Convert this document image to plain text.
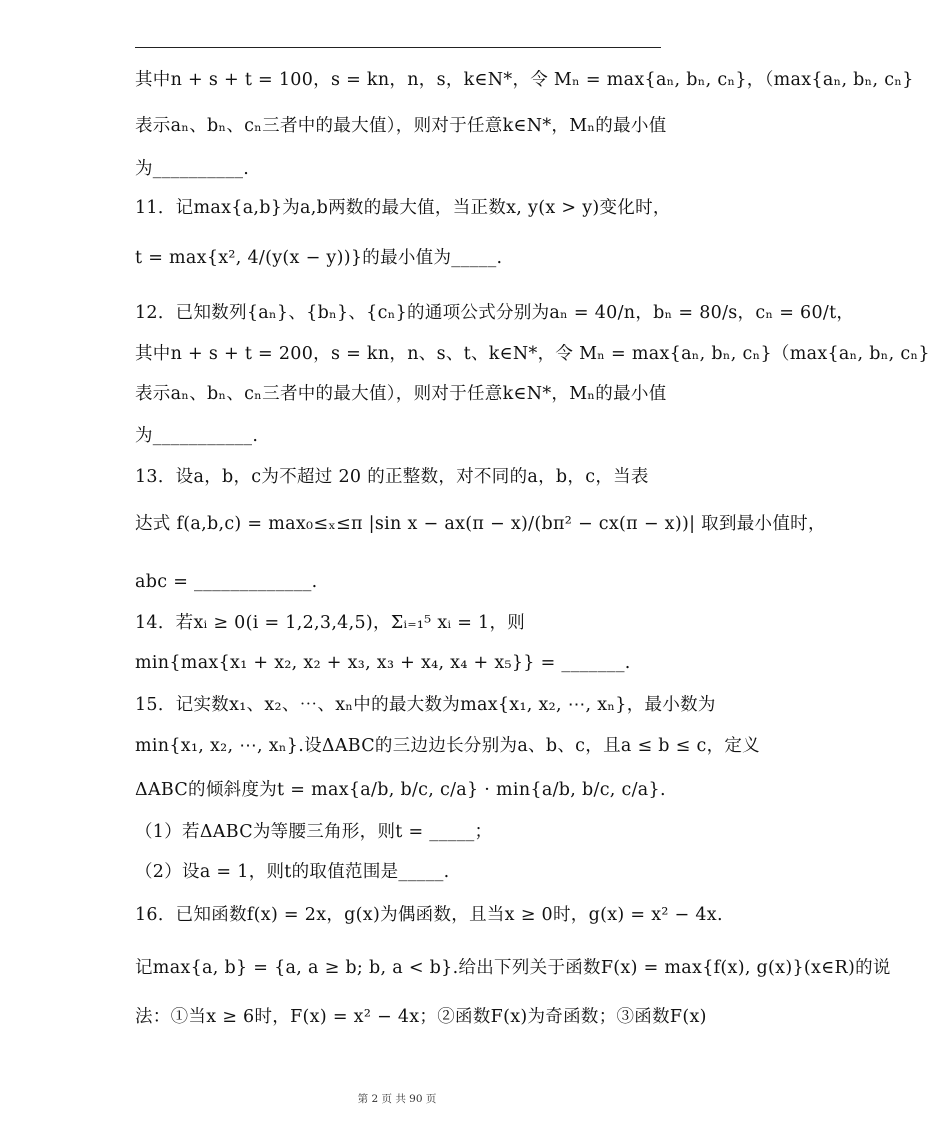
其中n + s + t = 100，s = kn，n，s，k∈N*，令 Mₙ = max{aₙ, bₙ, cₙ}，（max{aₙ, bₙ, cₙ}
表示aₙ、bₙ、cₙ三者中的最大值），则对于任意k∈N*，Mₙ的最小值
为__________.
11．记max{a,b}为a,b两数的最大值，当正数x, y(x > y)变化时，
t = max{x², 4/(y(x − y))}的最小值为_____.
12．已知数列{aₙ}、{bₙ}、{cₙ}的通项公式分别为aₙ = 40/n，bₙ = 80/s，cₙ = 60/t，
其中n + s + t = 200，s = kn，n、s、t、k∈N*，令 Mₙ = max{aₙ, bₙ, cₙ}（max{aₙ, bₙ, cₙ}
表示aₙ、bₙ、cₙ三者中的最大值），则对于任意k∈N*，Mₙ的最小值
为___________.
13．设a，b，c为不超过 20 的正整数，对不同的a，b，c，当表
达式 f(a,b,c) = max₀≤ₓ≤π |sin x − ax(π − x)/(bπ² − cx(π − x))| 取到最小值时，
abc = _____________.
14．若xᵢ ≥ 0(i = 1,2,3,4,5)，Σᵢ₌₁⁵ xᵢ = 1，则
min{max{x₁ + x₂, x₂ + x₃, x₃ + x₄, x₄ + x₅}} = _______.
15．记实数x₁、x₂、⋯、xₙ中的最大数为max{x₁, x₂, ⋯, xₙ}，最小数为
min{x₁, x₂, ⋯, xₙ}.设ΔABC的三边边长分别为a、b、c，且a ≤ b ≤ c，定义
ΔABC的倾斜度为t = max{a/b, b/c, c/a} · min{a/b, b/c, c/a}.
（1）若ΔABC为等腰三角形，则t = _____；
（2）设a = 1，则t的取值范围是_____.
16．已知函数f(x) = 2x，g(x)为偶函数，且当x ≥ 0时，g(x) = x² − 4x.
记max{a, b} = {a, a ≥ b; b, a < b}.给出下列关于函数F(x) = max{f(x), g(x)}(x∈R)的说
法：①当x ≥ 6时，F(x) = x² − 4x；②函数F(x)为奇函数；③函数F(x)
第 2 页 共 90 页
